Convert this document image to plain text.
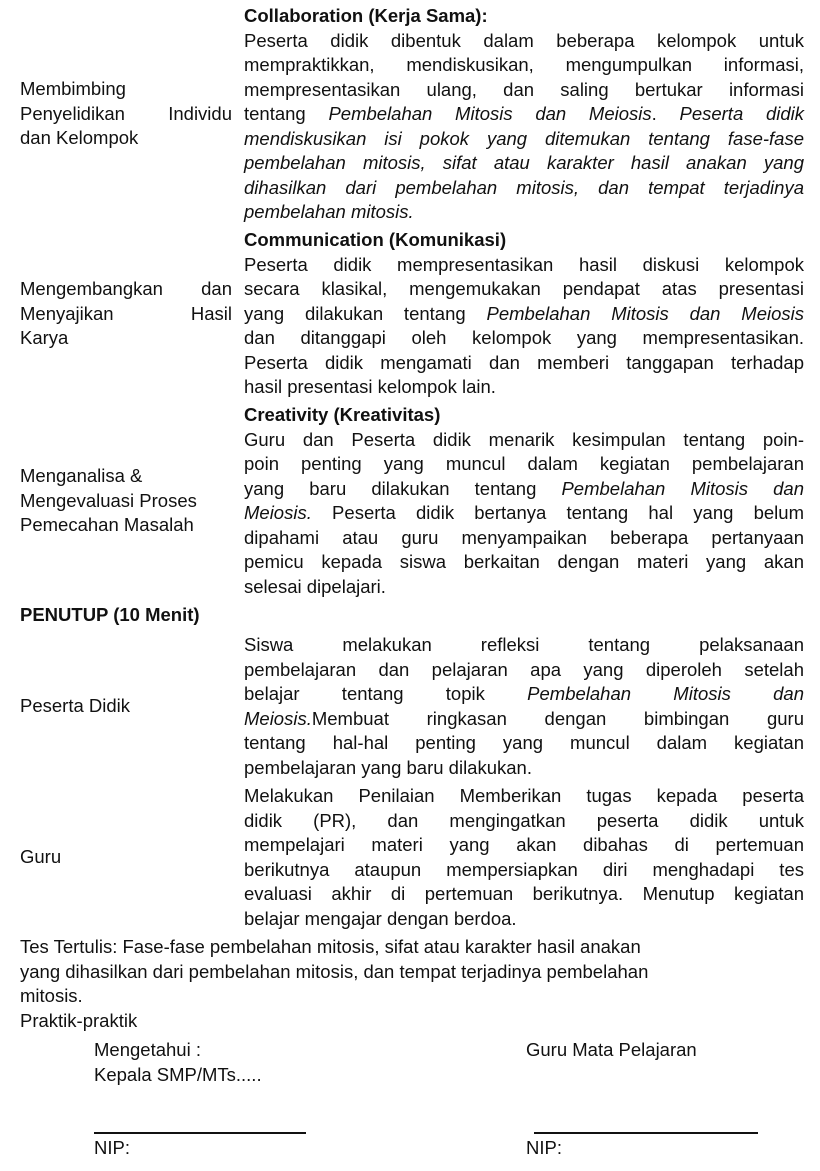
Membimbing
Penyelidikan Individu
dan Kelompok
Collaboration (Kerja Sama):
Peserta didik dibentuk dalam beberapa kelompok untuk
mempraktikkan, mendiskusikan, mengumpulkan informasi,
mempresentasikan ulang, dan saling bertukar informasi
tentang Pembelahan Mitosis dan Meiosis. Peserta didik
mendiskusikan isi pokok yang ditemukan tentang fase-fase
pembelahan mitosis, sifat atau karakter hasil anakan yang
dihasilkan dari pembelahan mitosis, dan tempat terjadinya
pembelahan mitosis.
Mengembangkan dan
Menyajikan Hasil
Karya
Communication (Komunikasi)
Peserta didik mempresentasikan hasil diskusi kelompok
secara klasikal, mengemukakan pendapat atas presentasi
yang dilakukan tentang Pembelahan Mitosis dan Meiosis
dan ditanggapi oleh kelompok yang mempresentasikan.
Peserta didik mengamati dan memberi tanggapan terhadap
hasil presentasi kelompok lain.
Menganalisa &
Mengevaluasi Proses
Pemecahan Masalah
Creativity (Kreativitas)
Guru dan Peserta didik menarik kesimpulan tentang poin-
poin penting yang muncul dalam kegiatan pembelajaran
yang baru dilakukan tentang Pembelahan Mitosis dan
Meiosis. Peserta didik bertanya tentang hal yang belum
dipahami atau guru menyampaikan beberapa pertanyaan
pemicu kepada siswa berkaitan dengan materi yang akan
selesai dipelajari.
PENUTUP (10 Menit)
Peserta Didik
Siswa melakukan refleksi tentang pelaksanaan
pembelajaran dan pelajaran apa yang diperoleh setelah
belajar tentang topik Pembelahan Mitosis dan
Meiosis.Membuat ringkasan dengan bimbingan guru
tentang hal-hal penting yang muncul dalam kegiatan
pembelajaran yang baru dilakukan.
Guru
Melakukan Penilaian Memberikan tugas kepada peserta
didik (PR), dan mengingatkan peserta didik untuk
mempelajari materi yang akan dibahas di pertemuan
berikutnya ataupun mempersiapkan diri menghadapi tes
evaluasi akhir di pertemuan berikutnya. Menutup kegiatan
belajar mengajar dengan berdoa.
Tes Tertulis: Fase-fase pembelahan mitosis, sifat atau karakter hasil anakan
yang dihasilkan dari pembelahan mitosis, dan tempat terjadinya pembelahan
mitosis.
Praktik-praktik
Mengetahui :
Kepala SMP/MTs.....
NIP:
Guru Mata Pelajaran
NIP:
